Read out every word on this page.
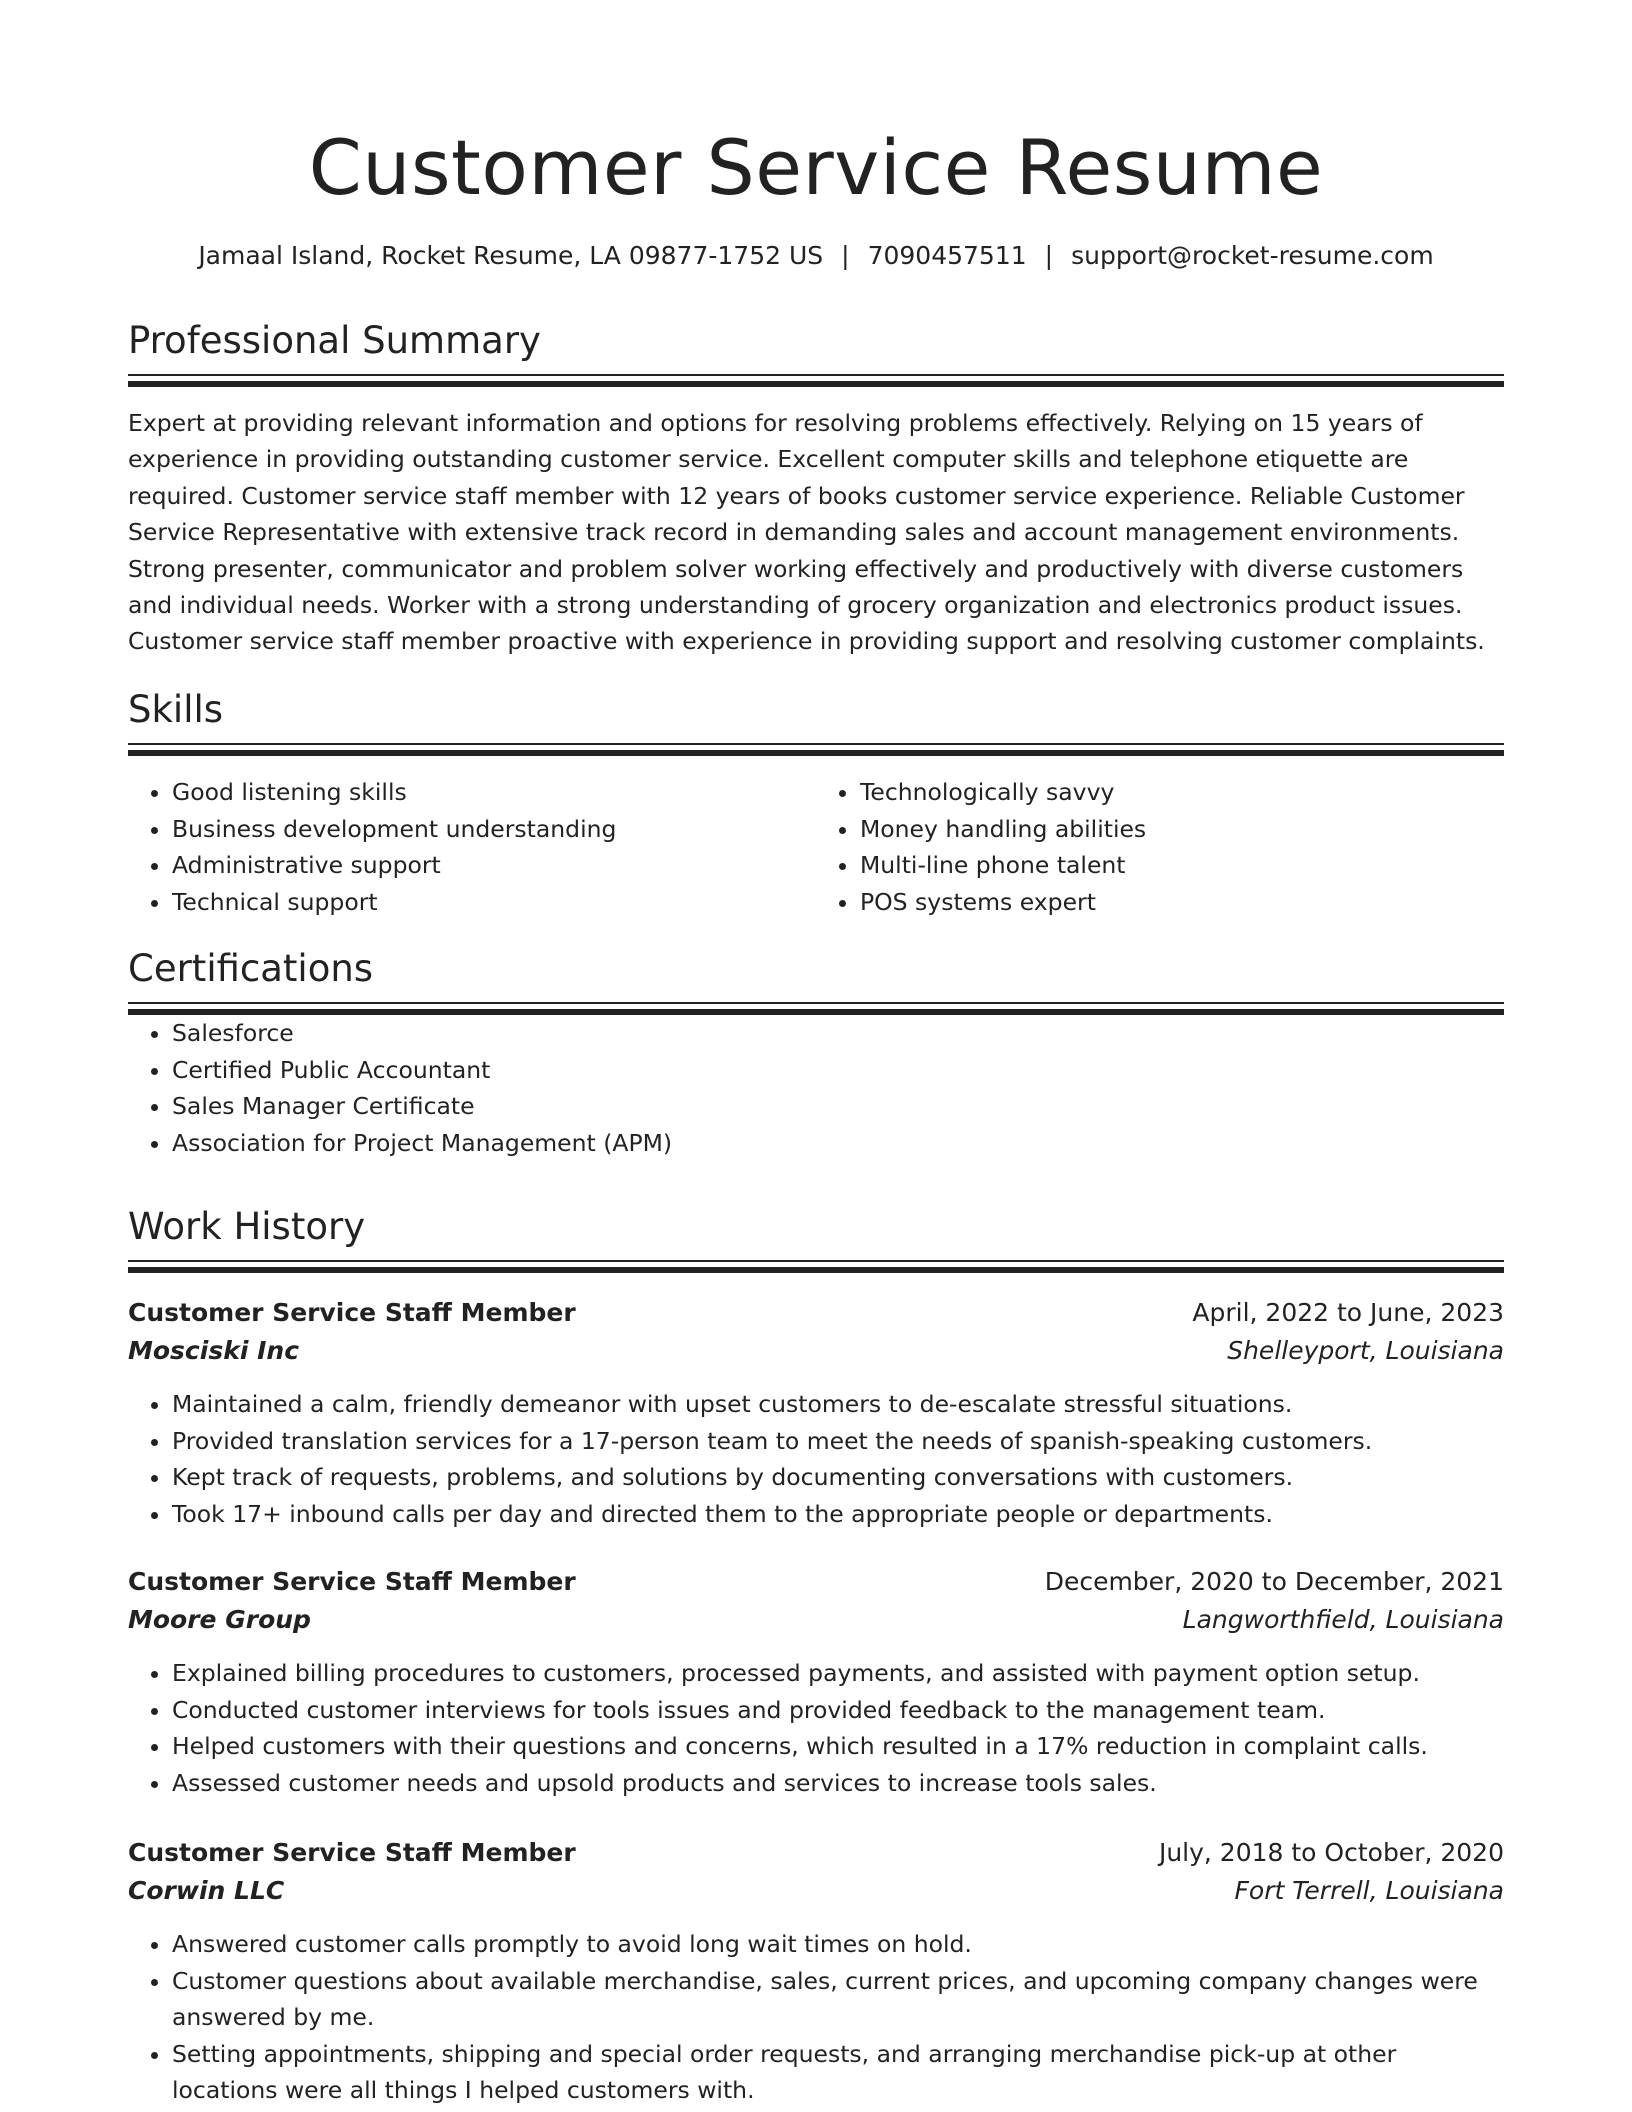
Customer Service Resume
Jamaal Island, Rocket Resume, LA 09877-1752 US | 7090457511 | support@rocket-resume.com
Professional Summary

Expert at providing relevant information and options for resolving problems effectively. Relying on 15 years of experience in providing outstanding customer service. Excellent computer skills and telephone etiquette are required. Customer service staff member with 12 years of books customer service experience. Reliable Customer Service Representative with extensive track record in demanding sales and account management environments. Strong presenter, communicator and problem solver working effectively and productively with diverse customers and individual needs. Worker with a strong understanding of grocery organization and electronics product issues. Customer service staff member proactive with experience in providing support and resolving customer complaints.

Skills
• Good listening skills
• Business development understanding
• Administrative support
• Technical support
• Technologically savvy
• Money handling abilities
• Multi-line phone talent
• POS systems expert
Certifications
• Salesforce
• Certified Public Accountant
• Sales Manager Certificate
• Association for Project Management (APM)
Work History
Customer Service Staff Member	April, 2022 to June, 2023
Mosciski Inc	Shelleyport, Louisiana
• Maintained a calm, friendly demeanor with upset customers to de-escalate stressful situations.
• Provided translation services for a 17-person team to meet the needs of spanish-speaking customers.
• Kept track of requests, problems, and solutions by documenting conversations with customers.
• Took 17+ inbound calls per day and directed them to the appropriate people or departments.
Customer Service Staff Member	December, 2020 to December, 2021
Moore Group	Langworthfield, Louisiana
• Explained billing procedures to customers, processed payments, and assisted with payment option setup.
• Conducted customer interviews for tools issues and provided feedback to the management team.
• Helped customers with their questions and concerns, which resulted in a 17% reduction in complaint calls.
• Assessed customer needs and upsold products and services to increase tools sales.
Customer Service Staff Member	July, 2018 to October, 2020
Corwin LLC	Fort Terrell, Louisiana
• Answered customer calls promptly to avoid long wait times on hold.
• Customer questions about available merchandise, sales, current prices, and upcoming company changes were answered by me.
• Setting appointments, shipping and special order requests, and arranging merchandise pick-up at other locations were all things I helped customers with.
